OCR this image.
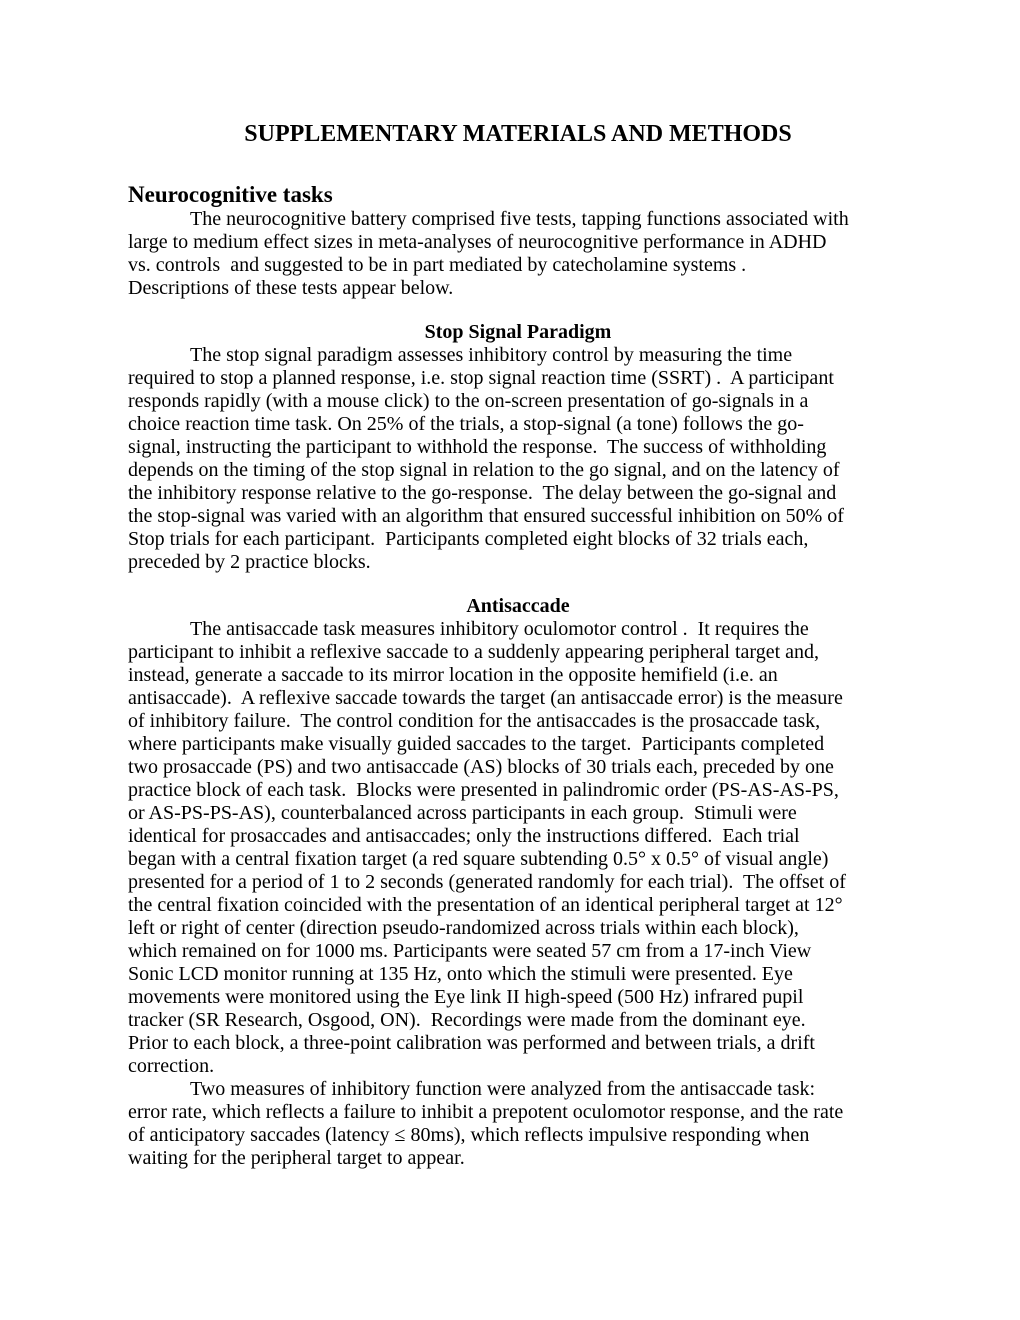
SUPPLEMENTARY MATERIALS AND METHODS
Neurocognitive tasks
The neurocognitive battery comprised five tests, tapping functions associated with
large to medium effect sizes in meta-analyses of neurocognitive performance in ADHD
vs. controls  and suggested to be in part mediated by catecholamine systems .
Descriptions of these tests appear below.
Stop Signal Paradigm
The stop signal paradigm assesses inhibitory control by measuring the time
required to stop a planned response, i.e. stop signal reaction time (SSRT) .  A participant
responds rapidly (with a mouse click) to the on-screen presentation of go-signals in a
choice reaction time task. On 25% of the trials, a stop-signal (a tone) follows the go-
signal, instructing the participant to withhold the response.  The success of withholding
depends on the timing of the stop signal in relation to the go signal, and on the latency of
the inhibitory response relative to the go-response.  The delay between the go-signal and
the stop-signal was varied with an algorithm that ensured successful inhibition on 50% of
Stop trials for each participant.  Participants completed eight blocks of 32 trials each,
preceded by 2 practice blocks.
Antisaccade
The antisaccade task measures inhibitory oculomotor control .  It requires the
participant to inhibit a reflexive saccade to a suddenly appearing peripheral target and,
instead, generate a saccade to its mirror location in the opposite hemifield (i.e. an
antisaccade).  A reflexive saccade towards the target (an antisaccade error) is the measure
of inhibitory failure.  The control condition for the antisaccades is the prosaccade task,
where participants make visually guided saccades to the target.  Participants completed
two prosaccade (PS) and two antisaccade (AS) blocks of 30 trials each, preceded by one
practice block of each task.  Blocks were presented in palindromic order (PS-AS-AS-PS,
or AS-PS-PS-AS), counterbalanced across participants in each group.  Stimuli were
identical for prosaccades and antisaccades; only the instructions differed.  Each trial
began with a central fixation target (a red square subtending 0.5° x 0.5° of visual angle)
presented for a period of 1 to 2 seconds (generated randomly for each trial).  The offset of
the central fixation coincided with the presentation of an identical peripheral target at 12°
left or right of center (direction pseudo-randomized across trials within each block),
which remained on for 1000 ms. Participants were seated 57 cm from a 17-inch View
Sonic LCD monitor running at 135 Hz, onto which the stimuli were presented. Eye
movements were monitored using the Eye link II high-speed (500 Hz) infrared pupil
tracker (SR Research, Osgood, ON).  Recordings were made from the dominant eye.
Prior to each block, a three-point calibration was performed and between trials, a drift
correction.
Two measures of inhibitory function were analyzed from the antisaccade task:
error rate, which reflects a failure to inhibit a prepotent oculomotor response, and the rate
of anticipatory saccades (latency ≤ 80ms), which reflects impulsive responding when
waiting for the peripheral target to appear.
